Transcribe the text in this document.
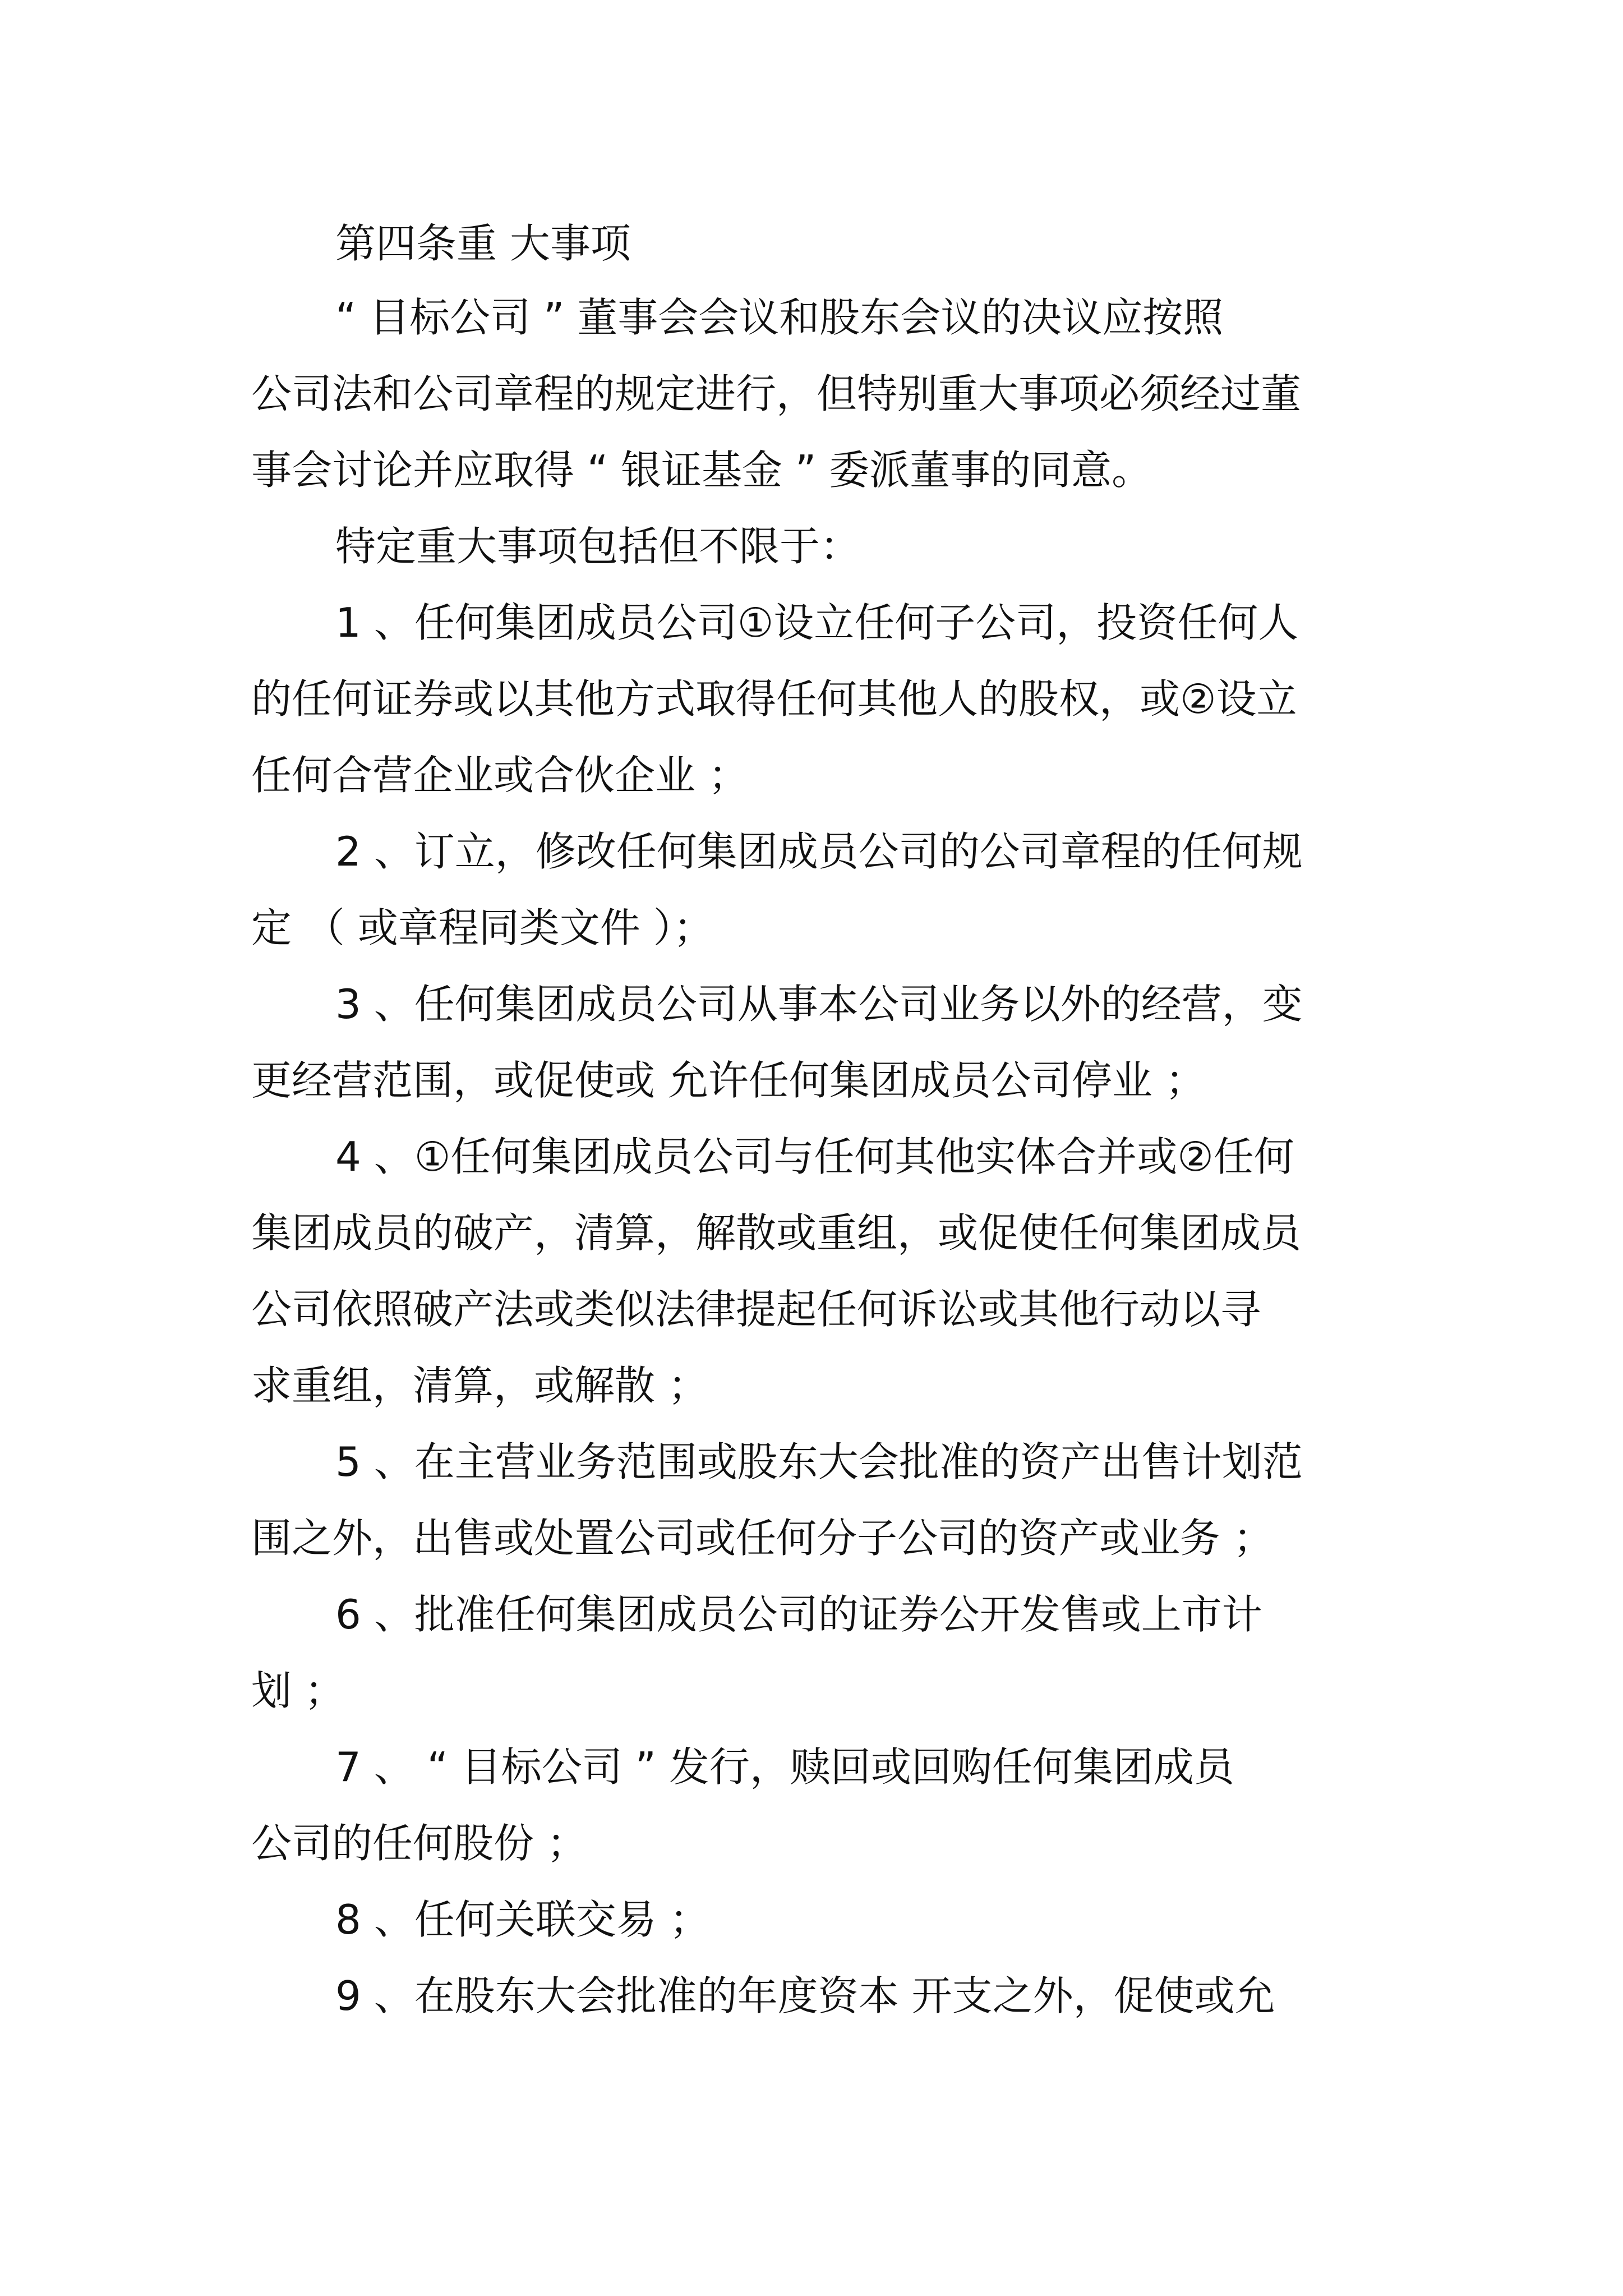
第四条重 大事项
“ 目标公司 ” 董事会会议和股东会议的决议应按照
公司法和公司章程的规定进行，但特别重大事项必须经过董
事会讨论并应取得 “ 银证基金 ” 委派董事的同意。
特定重大事项包括但不限于：
1 、任何集团成员公司①设立任何子公司，投资任何人
的任何证券或以其他方式取得任何其他人的股权，或②设立
任何合营企业或合伙企业 ；
2 、订立，修改任何集团成员公司的公司章程的任何规
定 （ 或章程同类文件 ）；
3 、任何集团成员公司从事本公司业务以外的经营，变
更经营范围，或促使或 允许任何集团成员公司停业 ；
4 、①任何集团成员公司与任何其他实体合并或②任何
集团成员的破产，清算，解散或重组，或促使任何集团成员
公司依照破产法或类似法律提起任何诉讼或其他行动以寻
求重组，清算，或解散 ；
5 、在主营业务范围或股东大会批准的资产出售计划范
围之外，出售或处置公司或任何分子公司的资产或业务 ；
6 、批准任何集团成员公司的证券公开发售或上市计
划 ；
7 、 “ 目标公司 ” 发行，赎回或回购任何集团成员
公司的任何股份 ；
8 、任何关联交易 ；
9 、在股东大会批准的年度资本 开支之外，促使或允
